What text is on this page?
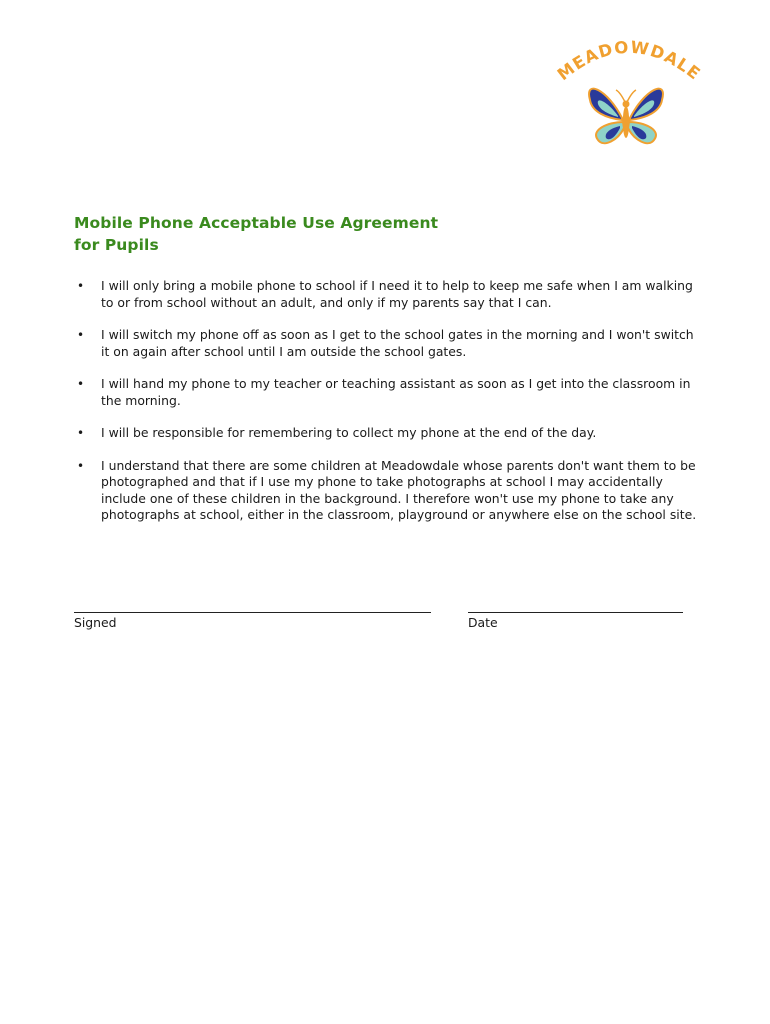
MEADOWDALE
Mobile Phone Acceptable Use Agreement
for Pupils
• I will only bring a mobile phone to school if I need it to help to keep me safe when I am walking to or from school without an adult, and only if my parents say that I can.
• I will switch my phone off as soon as I get to the school gates in the morning and I won't switch it on again after school until I am outside the school gates.
• I will hand my phone to my teacher or teaching assistant as soon as I get into the classroom in the morning.
• I will be responsible for remembering to collect my phone at the end of the day.
• I understand that there are some children at Meadowdale whose parents don't want them to be photographed and that if I use my phone to take photographs at school I may accidentally include one of these children in the background. I therefore won't use my phone to take any photographs at school, either in the classroom, playground or anywhere else on the school site.
Signed	Date
